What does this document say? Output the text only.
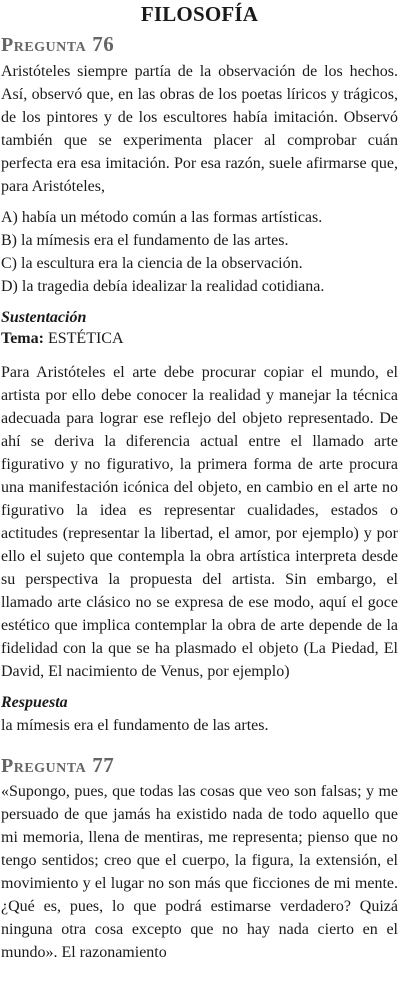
FILOSOFÍA
Pregunta 76

Aristóteles siempre partía de la observación de los hechos. Así, observó que, en las obras de los poetas líricos y trágicos, de los pintores y de los escultores había imitación. Observó también que se experimenta placer al comprobar cuán perfecta era esa imitación. Por esa razón, suele afirmarse que, para Aristóteles,

A) había un método común a las formas artísticas.
B) la mímesis era el fundamento de las artes.
C) la escultura era la ciencia de la observación.
D) la tragedia debía idealizar la realidad cotidiana.
Sustentación
Tema: ESTÉTICA

Para Aristóteles el arte debe procurar copiar el mundo, el artista por ello debe conocer la realidad y manejar la técnica adecuada para lograr ese reflejo del objeto representado. De ahí se deriva la diferencia actual entre el llamado arte figurativo y no figurativo, la primera forma de arte procura una manifestación icónica del objeto, en cambio en el arte no figurativo la idea es representar cualidades, estados o actitudes (representar la libertad, el amor, por ejemplo) y por ello el sujeto que contempla la obra artística interpreta desde su perspectiva la propuesta del artista. Sin embargo, el llamado arte clásico no se expresa de ese modo, aquí el goce estético que implica contemplar la obra de arte depende de la fidelidad con la que se ha plasmado el objeto (La Piedad, El David, El nacimiento de Venus, por ejemplo)

Respuesta
la mímesis era el fundamento de las artes.
Pregunta 77

«Supongo, pues, que todas las cosas que veo son falsas; y me persuado de que jamás ha existido nada de todo aquello que mi memoria, llena de mentiras, me representa; pienso que no tengo sentidos; creo que el cuerpo, la figura, la extensión, el movimiento y el lugar no son más que ficciones de mi mente. ¿Qué es, pues, lo que podrá estimarse verdadero? Quizá ninguna otra cosa excepto que no hay nada cierto en el mundo». El razonamiento
